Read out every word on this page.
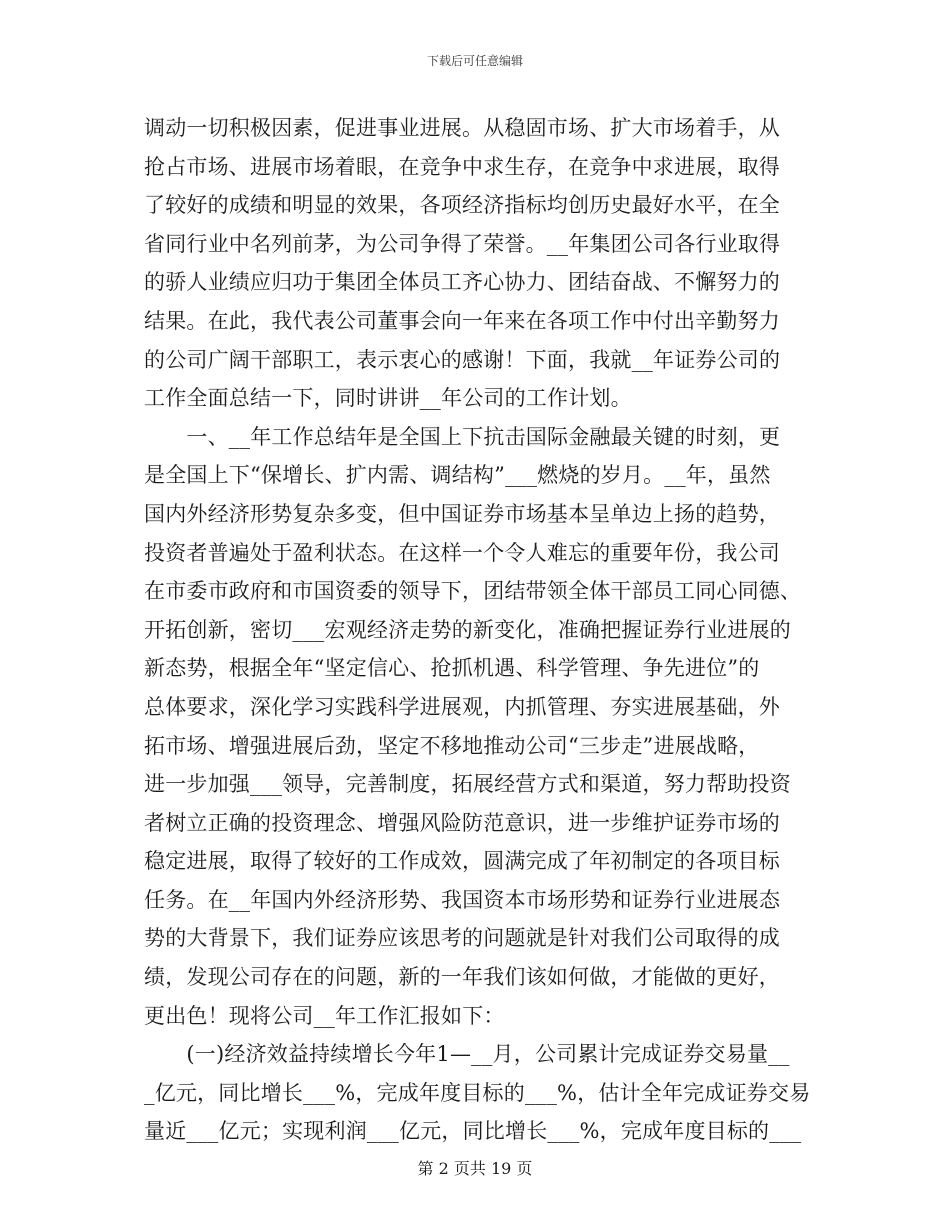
下载后可任意编辑
调动一切积极因素，促进事业进展。从稳固市场、扩大市场着手，从
抢占市场、进展市场着眼，在竞争中求生存，在竞争中求进展，取得
了较好的成绩和明显的效果，各项经济指标均创历史最好水平，在全
省同行业中名列前茅，为公司争得了荣誉。__年集团公司各行业取得
的骄人业绩应归功于集团全体员工齐心协力、团结奋战、不懈努力的
结果。在此，我代表公司董事会向一年来在各项工作中付出辛勤努力
的公司广阔干部职工，表示衷心的感谢！下面，我就__年证券公司的
工作全面总结一下，同时讲讲__年公司的工作计划。
　　一、__年工作总结年是全国上下抗击国际金融最关键的时刻，更
是全国上下“保增长、扩内需、调结构”___燃烧的岁月。__年，虽然
国内外经济形势复杂多变，但中国证券市场基本呈单边上扬的趋势，
投资者普遍处于盈利状态。在这样一个令人难忘的重要年份，我公司
在市委市政府和市国资委的领导下，团结带领全体干部员工同心同德、
开拓创新，密切___宏观经济走势的新变化，准确把握证券行业进展的
新态势，根据全年“坚定信心、抢抓机遇、科学管理、争先进位”的
总体要求，深化学习实践科学进展观，内抓管理、夯实进展基础，外
拓市场、增强进展后劲，坚定不移地推动公司“三步走”进展战略，
进一步加强___领导，完善制度，拓展经营方式和渠道，努力帮助投资
者树立正确的投资理念、增强风险防范意识，进一步维护证券市场的
稳定进展，取得了较好的工作成效，圆满完成了年初制定的各项目标
任务。在__年国内外经济形势、我国资本市场形势和证券行业进展态
势的大背景下，我们证券应该思考的问题就是针对我们公司取得的成
绩，发现公司存在的问题，新的一年我们该如何做，才能做的更好，
更出色！现将公司__年工作汇报如下：
　　(一)经济效益持续增长今年1—__月，公司累计完成证券交易量__
_亿元，同比增长___%，完成年度目标的___%，估计全年完成证券交易
量近___亿元；实现利润___亿元，同比增长___%，完成年度目标的___
第 2 页共 19 页
